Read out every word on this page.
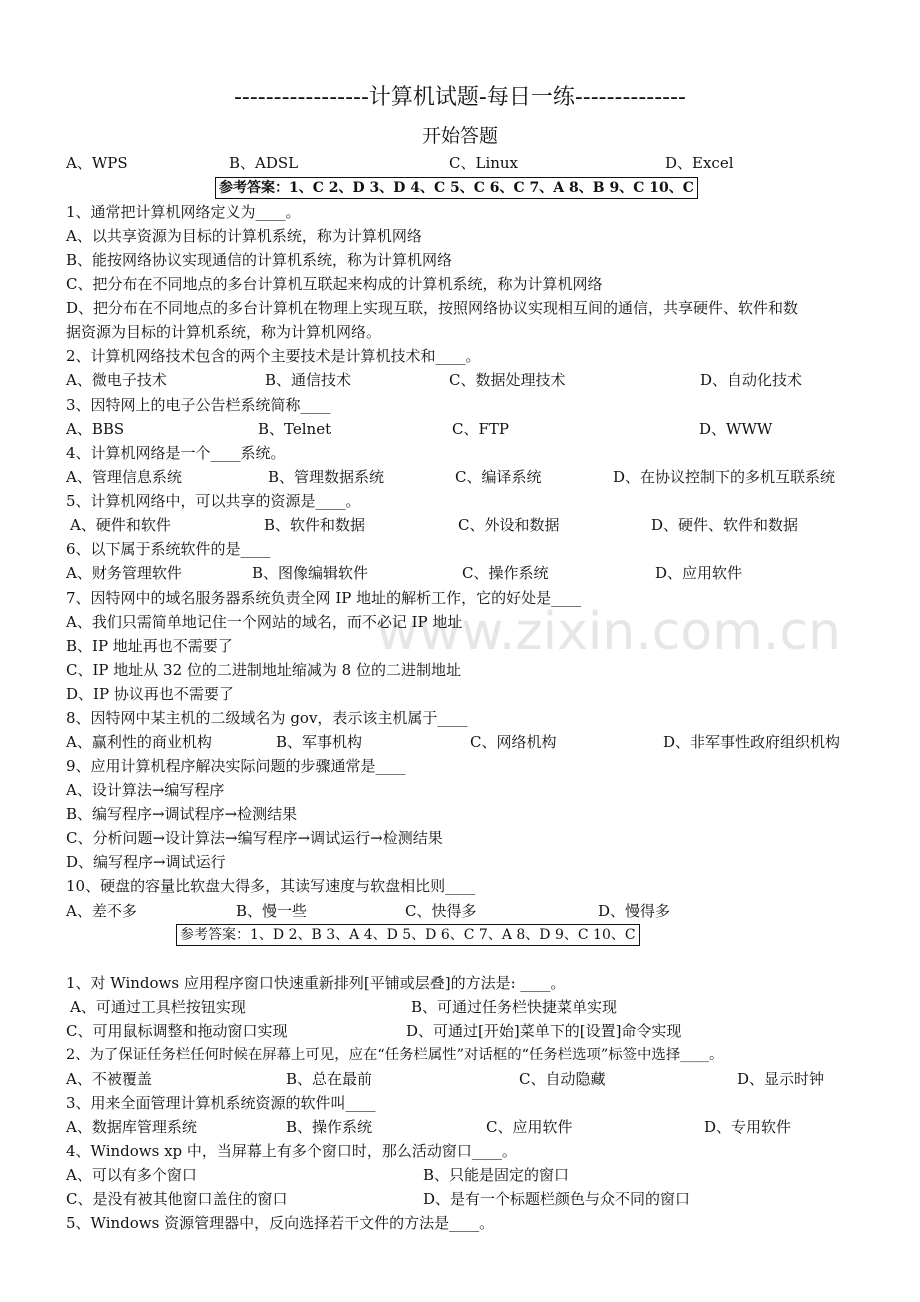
www.zixin.com.cn
-----------------计算机试题-每日一练--------------
开始答题
A、WPS	B、ADSL	C、Linux	D、Excel
参考答案：1、C 2、D 3、D 4、C 5、C 6、C 7、A 8、B 9、C 10、C
1、通常把计算机网络定义为____。
A、以共享资源为目标的计算机系统，称为计算机网络
B、能按网络协议实现通信的计算机系统，称为计算机网络
C、把分布在不同地点的多台计算机互联起来构成的计算机系统，称为计算机网络
D、把分布在不同地点的多台计算机在物理上实现互联，按照网络协议实现相互间的通信，共享硬件、软件和数
据资源为目标的计算机系统，称为计算机网络。
2、计算机网络技术包含的两个主要技术是计算机技术和____。
A、微电子技术	B、通信技术	C、数据处理技术	D、自动化技术
3、因特网上的电子公告栏系统简称____
A、BBS	B、Telnet	C、FTP	D、WWW
4、计算机网络是一个____系统。
A、管理信息系统	B、管理数据系统	C、编译系统	D、在协议控制下的多机互联系统
5、计算机网络中，可以共享的资源是____。
A、硬件和软件	B、软件和数据	C、外设和数据	D、硬件、软件和数据
6、以下属于系统软件的是____
A、财务管理软件	B、图像编辑软件	C、操作系统	D、应用软件
7、因特网中的域名服务器系统负责全网 IP 地址的解析工作，它的好处是____
A、我们只需简单地记住一个网站的域名，而不必记 IP 地址
B、IP 地址再也不需要了
C、IP 地址从 32 位的二进制地址缩减为 8 位的二进制地址
D、IP 协议再也不需要了
8、因特网中某主机的二级域名为 gov，表示该主机属于____
A、赢利性的商业机构	B、军事机构	C、网络机构	D、非军事性政府组织机构
9、应用计算机程序解决实际问题的步骤通常是____
A、设计算法→编写程序
B、编写程序→调试程序→检测结果
C、分析问题→设计算法→编写程序→调试运行→检测结果
D、编写程序→调试运行
10、硬盘的容量比软盘大得多，其读写速度与软盘相比则____
A、差不多	B、慢一些	C、快得多	D、慢得多
参考答案：1、D 2、B 3、A 4、D 5、D 6、C 7、A 8、D 9、C 10、C
1、对 Windows 应用程序窗口快速重新排列[平铺或层叠]的方法是: ____。
A、可通过工具栏按钮实现	B、可通过任务栏快捷菜单实现
C、可用鼠标调整和拖动窗口实现	D、可通过[开始]菜单下的[设置]命令实现
2、为了保证任务栏任何时候在屏幕上可见，应在“任务栏属性”对话框的“任务栏选项”标签中选择____。
A、不被覆盖	B、总在最前	C、自动隐藏	D、显示时钟
3、用来全面管理计算机系统资源的软件叫____
A、数据库管理系统	B、操作系统	C、应用软件	D、专用软件
4、Windows xp 中，当屏幕上有多个窗口时，那么活动窗口____。
A、可以有多个窗口	B、只能是固定的窗口
C、是没有被其他窗口盖住的窗口	D、是有一个标题栏颜色与众不同的窗口
5、Windows 资源管理器中，反向选择若干文件的方法是____。
